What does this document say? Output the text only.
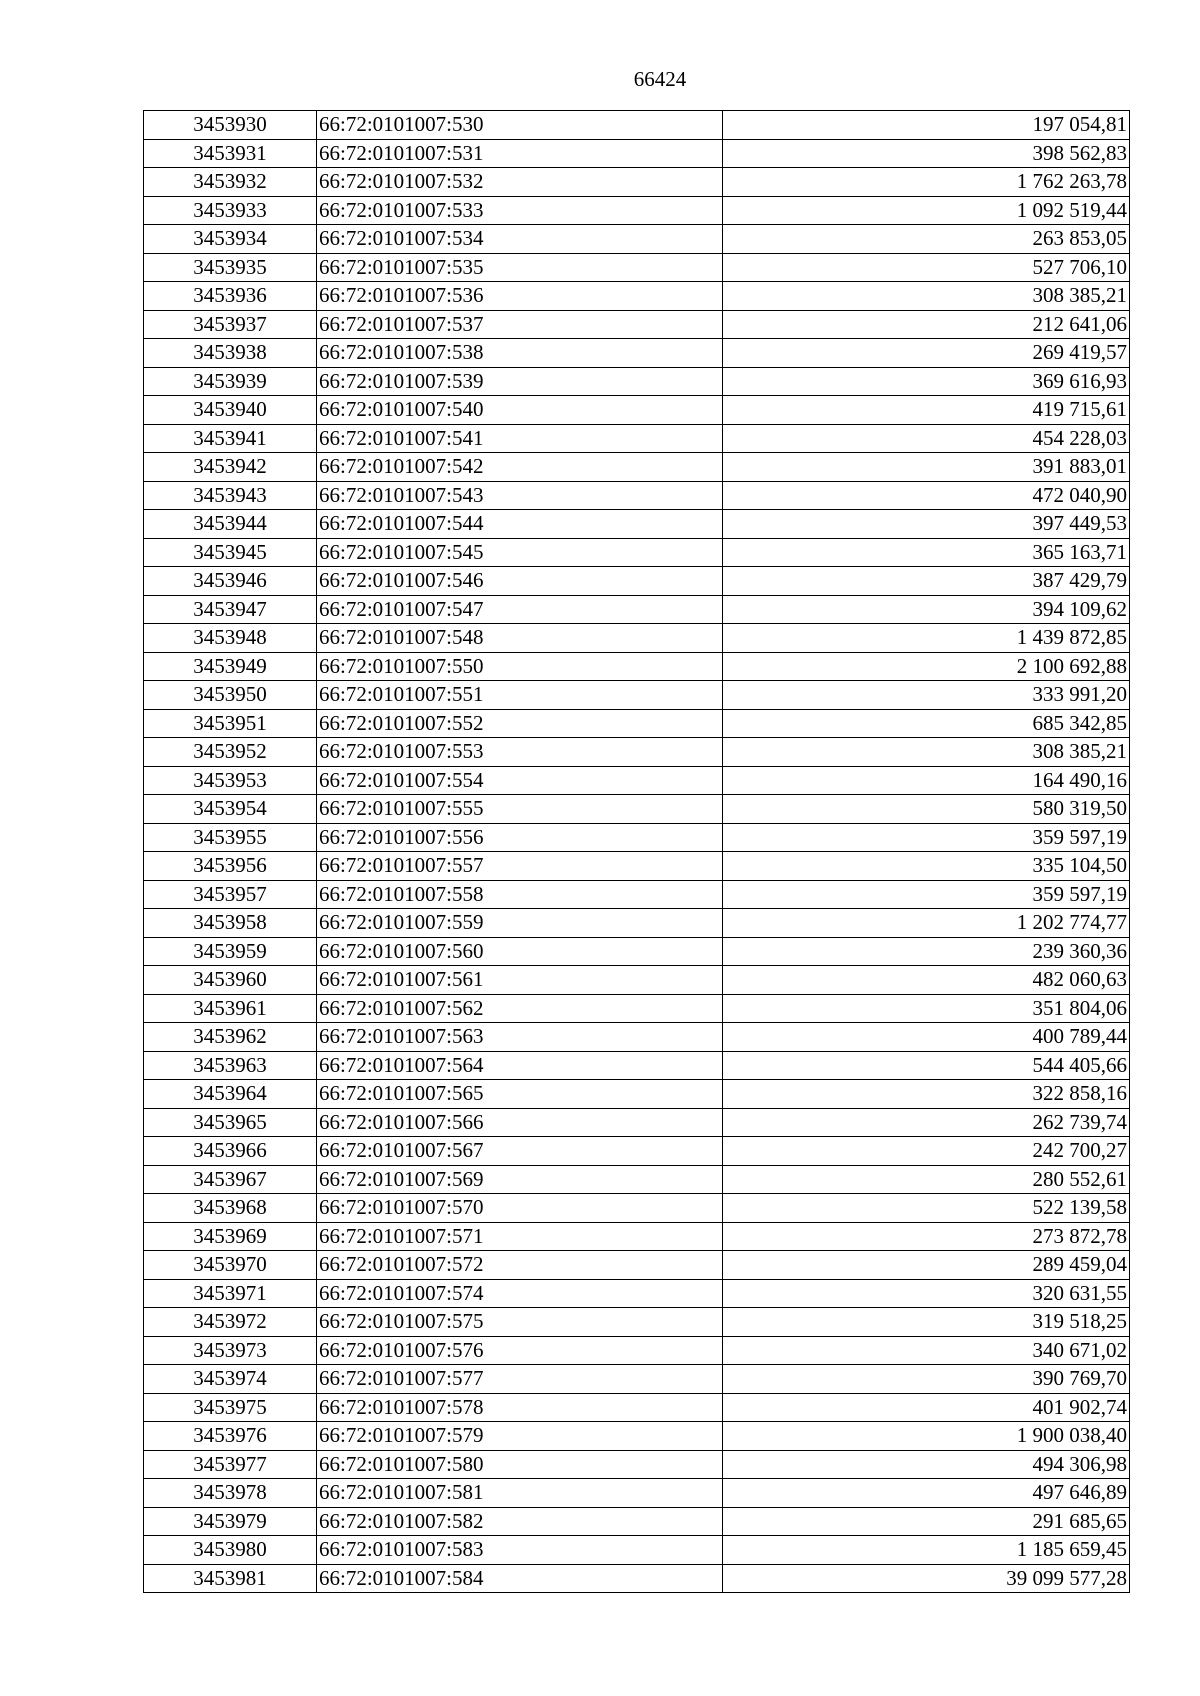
66424
3453930	66:72:0101007:530	197 054,81
3453931	66:72:0101007:531	398 562,83
3453932	66:72:0101007:532	1 762 263,78
3453933	66:72:0101007:533	1 092 519,44
3453934	66:72:0101007:534	263 853,05
3453935	66:72:0101007:535	527 706,10
3453936	66:72:0101007:536	308 385,21
3453937	66:72:0101007:537	212 641,06
3453938	66:72:0101007:538	269 419,57
3453939	66:72:0101007:539	369 616,93
3453940	66:72:0101007:540	419 715,61
3453941	66:72:0101007:541	454 228,03
3453942	66:72:0101007:542	391 883,01
3453943	66:72:0101007:543	472 040,90
3453944	66:72:0101007:544	397 449,53
3453945	66:72:0101007:545	365 163,71
3453946	66:72:0101007:546	387 429,79
3453947	66:72:0101007:547	394 109,62
3453948	66:72:0101007:548	1 439 872,85
3453949	66:72:0101007:550	2 100 692,88
3453950	66:72:0101007:551	333 991,20
3453951	66:72:0101007:552	685 342,85
3453952	66:72:0101007:553	308 385,21
3453953	66:72:0101007:554	164 490,16
3453954	66:72:0101007:555	580 319,50
3453955	66:72:0101007:556	359 597,19
3453956	66:72:0101007:557	335 104,50
3453957	66:72:0101007:558	359 597,19
3453958	66:72:0101007:559	1 202 774,77
3453959	66:72:0101007:560	239 360,36
3453960	66:72:0101007:561	482 060,63
3453961	66:72:0101007:562	351 804,06
3453962	66:72:0101007:563	400 789,44
3453963	66:72:0101007:564	544 405,66
3453964	66:72:0101007:565	322 858,16
3453965	66:72:0101007:566	262 739,74
3453966	66:72:0101007:567	242 700,27
3453967	66:72:0101007:569	280 552,61
3453968	66:72:0101007:570	522 139,58
3453969	66:72:0101007:571	273 872,78
3453970	66:72:0101007:572	289 459,04
3453971	66:72:0101007:574	320 631,55
3453972	66:72:0101007:575	319 518,25
3453973	66:72:0101007:576	340 671,02
3453974	66:72:0101007:577	390 769,70
3453975	66:72:0101007:578	401 902,74
3453976	66:72:0101007:579	1 900 038,40
3453977	66:72:0101007:580	494 306,98
3453978	66:72:0101007:581	497 646,89
3453979	66:72:0101007:582	291 685,65
3453980	66:72:0101007:583	1 185 659,45
3453981	66:72:0101007:584	39 099 577,28
